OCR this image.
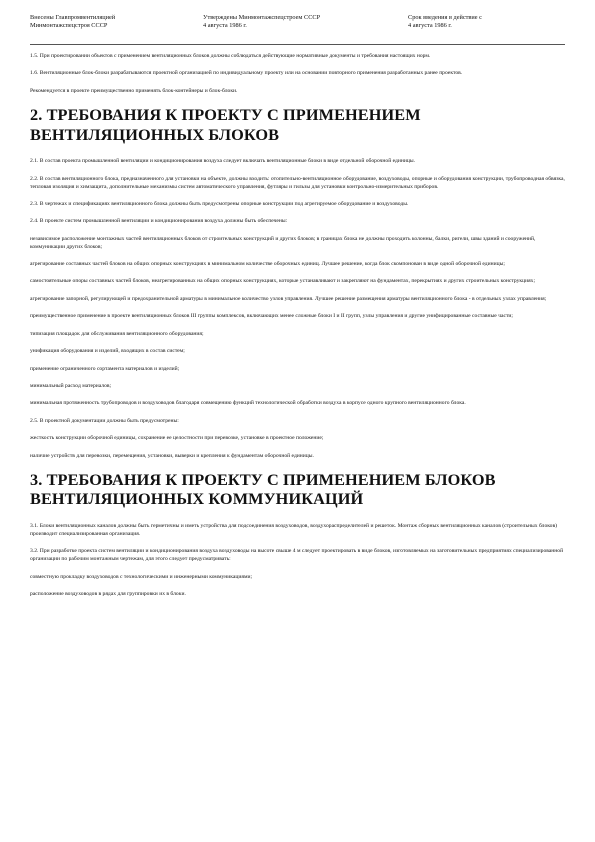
Внесены Главпромвентиляцией
Минмонтажспецстроя СССР
Утверждены Минмонтажспецстроем СССР
4 августа 1986 г.
Срок введения в действие с
4 августа 1986 г.

1.5. При проектировании объектов с применением вентиляционных блоков должны соблюдаться действующие нормативные документы и требования настоящих норм.

1.6. Вентиляционные блок-блоки разрабатываются проектной организацией по индивидуальному проекту или на основании повторного применения разработанных ранее проектов.

Рекомендуется в проекте преимущественно применять блок-контейнеры и блок-блоки.

2. ТРЕБОВАНИЯ К ПРОЕКТУ С ПРИМЕНЕНИЕМ ВЕНТИЛЯЦИОННЫХ БЛОКОВ

2.1. В состав проекта промышленной вентиляции и кондиционирования воздуха следует включать вентиляционные блоки в виде отдельной оборочной единицы.

2.2. В состав вентиляционного блока, предназначенного для установки на объекте, должны входить: отопительно-вентиляционное оборудование, воздуховоды, опорные и оборудования конструкции, трубопроводная обвязка, тепловая изоляция и химзащита, дополнительные механизмы систем автоматического управления, футляры и гильзы для установки контрольно-измерительных приборов.

2.3. В чертежах и спецификациях вентиляционного блока должны быть предусмотрены опорные конструкции под агрегируемое оборудование и воздуховоды.

2.4. В проекте систем промышленной вентиляции и кондиционирования воздуха должны быть обеспечены:

независимое расположение монтажных частей вентиляционных блоков от строительных конструкций и других блоков; в границах блока не должны проходить колонны, балки, ригели, швы зданий и сооружений, коммуникации других блоков;

агрегирование составных частей блоков на общих опорных конструкциях в минимальном количестве оборочных единиц. Лучшее решение, когда блок скомпонован в виде одной оборочной единицы;

самостоятельные опоры составных частей блоков, неагрегированных на общих опорных конструкциях, которые устанавливают и закрепляют на фундаментах, перекрытиях и других строительных конструкциях;

агрегирование запорной, регулирующей и предохранительной арматуры в минимальное количество узлов управления. Лучшее решение размещения арматуры вентиляционного блока - в отдельных узлах управления;

преимущественное применение в проекте вентиляционных блоков III группы комплексов, включающих менее сложные блоки I и II групп, узлы управления и другие унифицированные составные части;

типизация площадок для обслуживания вентиляционного оборудования;

унификация оборудования и изделий, входящих в состав систем;

применение ограниченного сортамента материалов и изделий;

минимальный расход материалов;

минимальная протяженность трубопроводов и воздуховодов благодаря совмещению функций технологической обработки воздуха в корпусе одного крупного вентиляционного блока.

2.5. В проектной документации должны быть предусмотрены:

жесткость конструкции оборочной единицы, сохранение ее целостности при перевозке, установке в проектное положение;

наличие устройств для перевозки, перемещения, установки, выверки и крепления к фундаментам оборочной единицы.

3. ТРЕБОВАНИЯ К ПРОЕКТУ С ПРИМЕНЕНИЕМ БЛОКОВ ВЕНТИЛЯЦИОННЫХ КОММУНИКАЦИЙ

3.1. Блоки вентиляционных каналов должны быть герметичны и иметь устройства для подсоединения воздуховодов, воздухораспределителей и решеток. Монтаж сборных вентиляционных каналов (строительных блоков) производит специализированная организация.

3.2. При разработке проекта систем вентиляции и кондиционирования воздуха воздуховоды на высоте свыше 4 м следует проектировать в виде блоков, изготовляемых на заготовительных предприятиях специализированной организации по рабочим монтажным чертежам, для этого следует предусматривать:

совместную прокладку воздуховодов с технологическими и инженерными коммуникациями;

расположение воздуховодов в рядах для группировки их в блоки.
